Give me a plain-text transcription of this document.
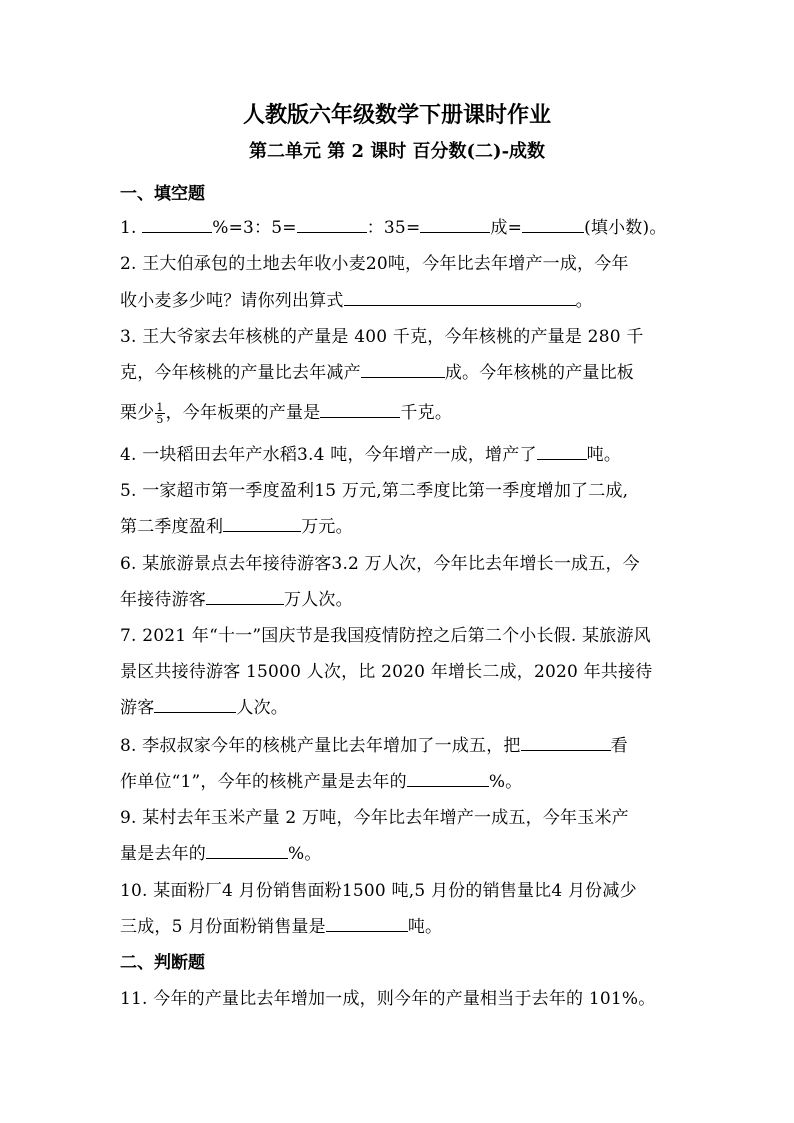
人教版六年级数学下册课时作业
第二单元 第 2 课时 百分数(二)-成数
一、填空题
1.	%=3：5=	：35=	成=	(填小数)。
2. 王大伯承包的土地去年收小麦20吨，今年比去年增产一成，今年
收小麦多少吨？请你列出算式	。
3. 王大爷家去年核桃的产量是 400 千克，今年核桃的产量是 280 千
克，今年核桃的产量比去年减产	成。今年核桃的产量比板
栗少 $\frac{1}{5}$ ，今年板栗的产量是	千克。
4. 一块稻田去年产水稻3.4 吨，今年增产一成，增产了	吨。
5. 一家超市第一季度盈利15 万元,第二季度比第一季度增加了二成,
第二季度盈利	万元。
6. 某旅游景点去年接待游客3.2 万人次，今年比去年增长一成五，今
年接待游客	万人次。
7. 2021 年“十一”国庆节是我国疫情防控之后第二个小长假. 某旅游风
景区共接待游客 15000 人次，比 2020 年增长二成，2020 年共接待
游客	人次。
8. 李叔叔家今年的核桃产量比去年增加了一成五，把	看
作单位“1”，今年的核桃产量是去年的	%。
9. 某村去年玉米产量 2 万吨，今年比去年增产一成五，今年玉米产
量是去年的	%。
10. 某面粉厂4 月份销售面粉1500 吨,5 月份的销售量比4 月份减少
三成，5 月份面粉销售量是	吨。
二、判断题
11. 今年的产量比去年增加一成，则今年的产量相当于去年的 101%。
